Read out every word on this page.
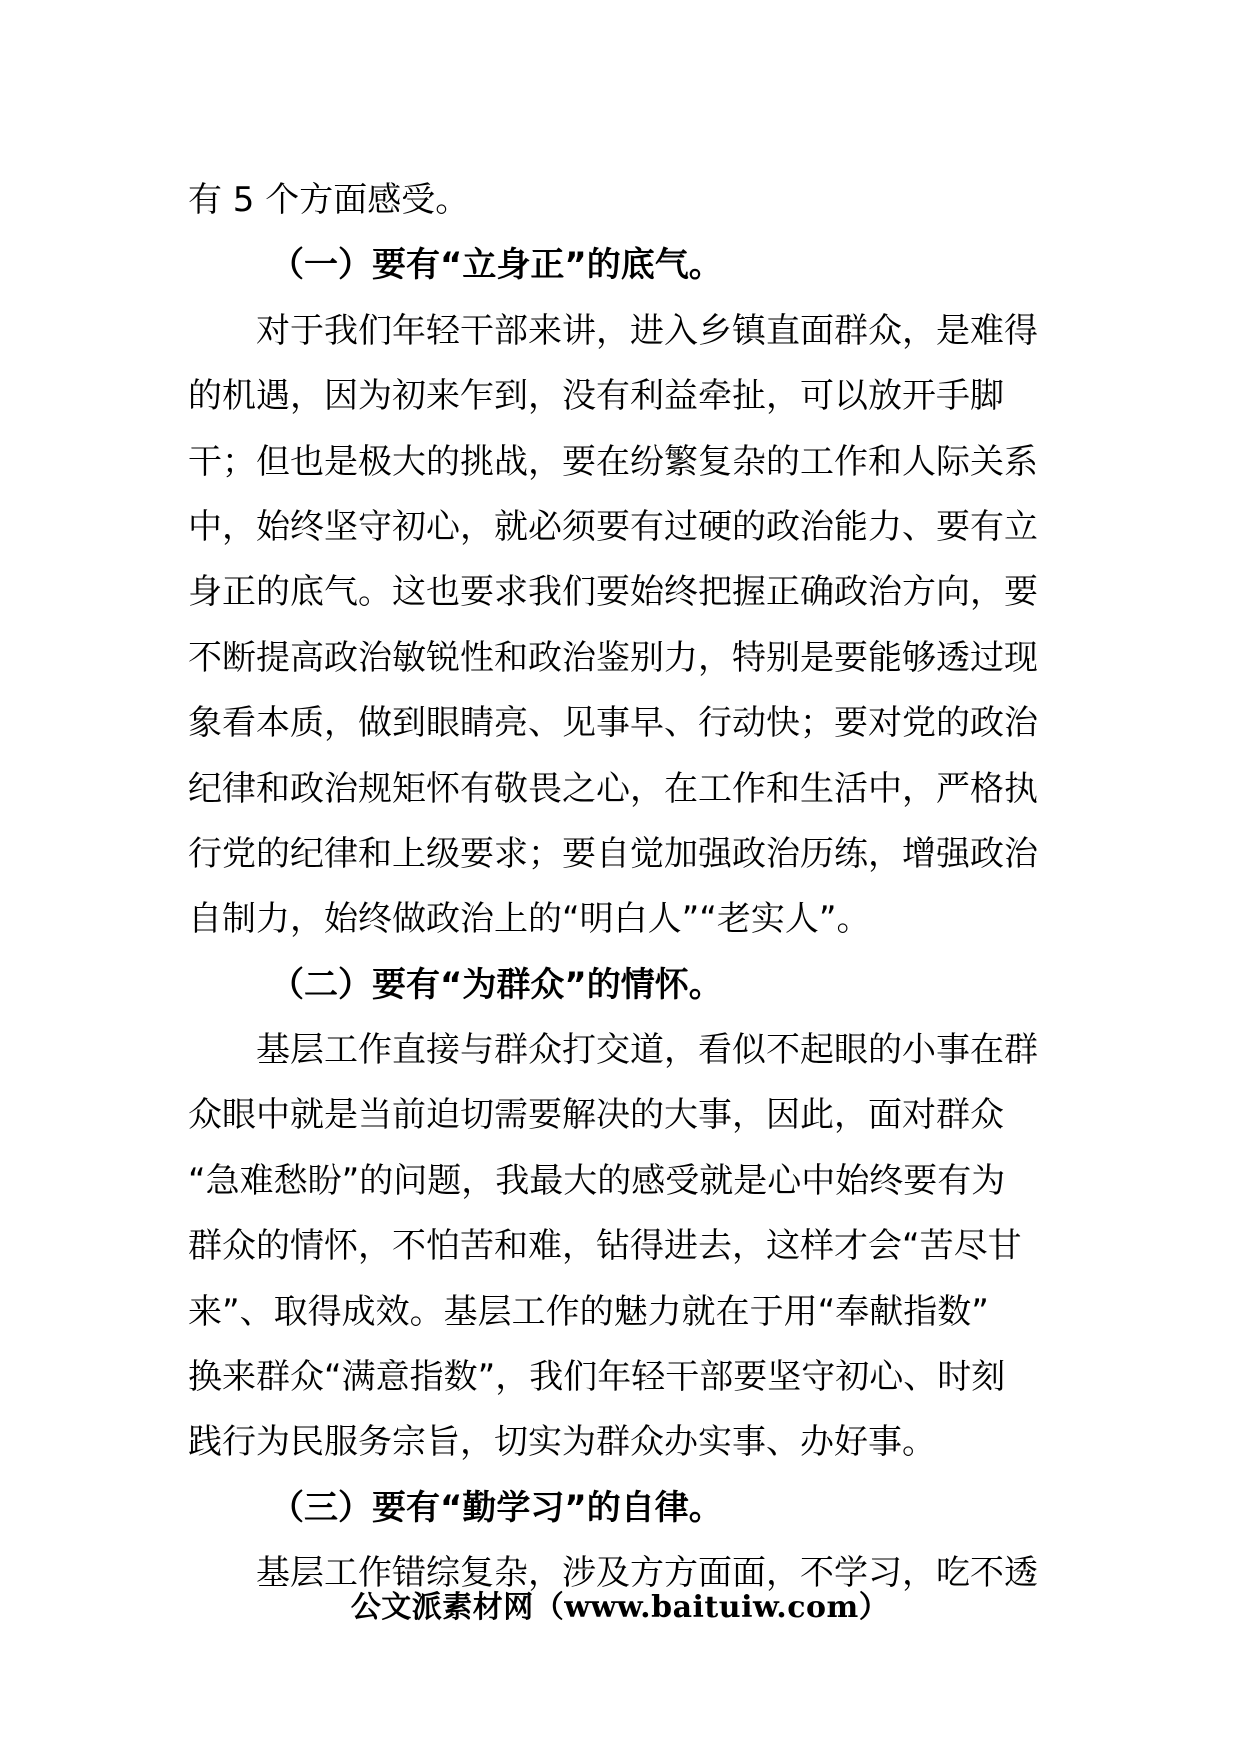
有 5 个方面感受。
（一）要有“立身正”的底气。
对于我们年轻干部来讲，进入乡镇直面群众，是难得
的机遇，因为初来乍到，没有利益牵扯，可以放开手脚
干；但也是极大的挑战，要在纷繁复杂的工作和人际关系
中，始终坚守初心，就必须要有过硬的政治能力、要有立
身正的底气。这也要求我们要始终把握正确政治方向，要
不断提高政治敏锐性和政治鉴别力，特别是要能够透过现
象看本质，做到眼睛亮、见事早、行动快；要对党的政治
纪律和政治规矩怀有敬畏之心，在工作和生活中，严格执
行党的纪律和上级要求；要自觉加强政治历练，增强政治
自制力，始终做政治上的“明白人”“老实人”。
（二）要有“为群众”的情怀。
基层工作直接与群众打交道，看似不起眼的小事在群
众眼中就是当前迫切需要解决的大事，因此，面对群众
“急难愁盼”的问题，我最大的感受就是心中始终要有为
群众的情怀，不怕苦和难，钻得进去，这样才会“苦尽甘
来”、取得成效。基层工作的魅力就在于用“奉献指数”
换来群众“满意指数”，我们年轻干部要坚守初心、时刻
践行为民服务宗旨，切实为群众办实事、办好事。
（三）要有“勤学习”的自律。
基层工作错综复杂，涉及方方面面，不学习，吃不透
公文派素材网（www.baituiw.com）
